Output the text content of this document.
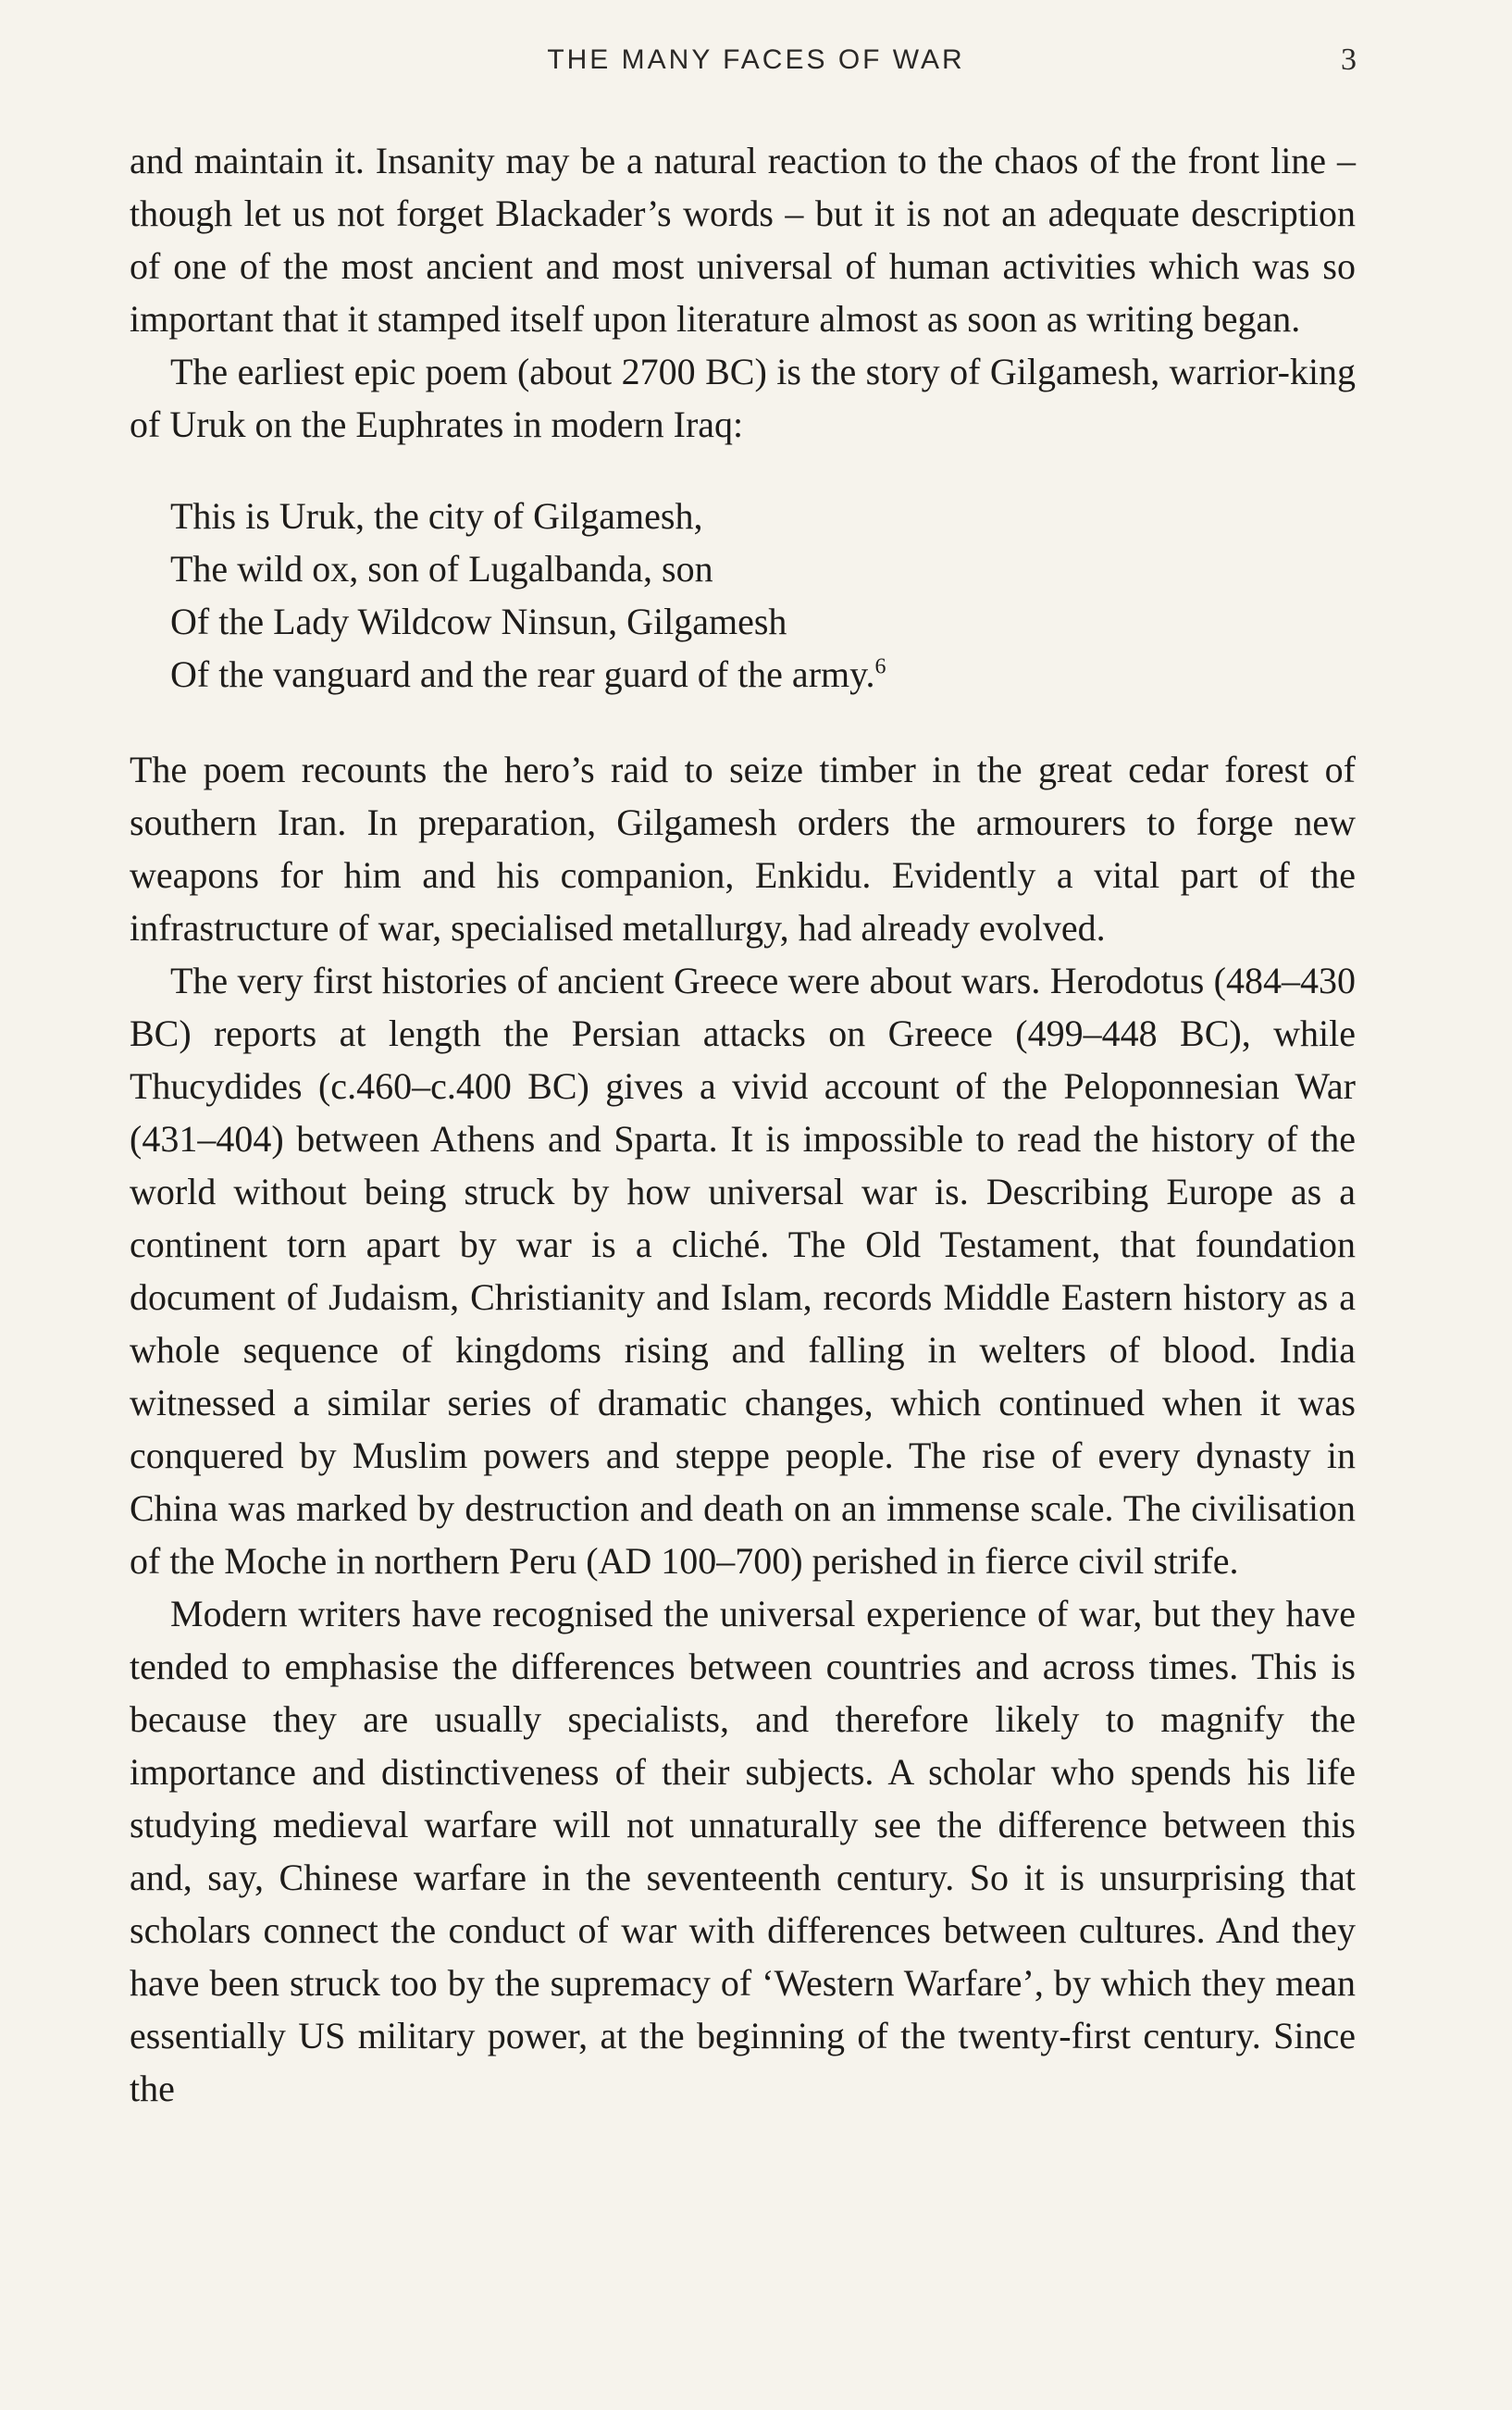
THE MANY FACES OF WAR	3

and maintain it. Insanity may be a natural reaction to the chaos of the front line – though let us not forget Blackader’s words – but it is not an adequate description of one of the most ancient and most universal of human activities which was so important that it stamped itself upon literature almost as soon as writing began.

The earliest epic poem (about 2700 BC) is the story of Gilgamesh, warrior-king of Uruk on the Euphrates in modern Iraq:

This is Uruk, the city of Gilgamesh,
The wild ox, son of Lugalbanda, son
Of the Lady Wildcow Ninsun, Gilgamesh
Of the vanguard and the rear guard of the army.$^6$

The poem recounts the hero’s raid to seize timber in the great cedar forest of southern Iran. In preparation, Gilgamesh orders the armourers to forge new weapons for him and his companion, Enkidu. Evidently a vital part of the infrastructure of war, specialised metallurgy, had already evolved.

The very first histories of ancient Greece were about wars. Herodotus (484–430 BC) reports at length the Persian attacks on Greece (499–448 BC), while Thucydides (c.460–c.400 BC) gives a vivid account of the Peloponnesian War (431–404) between Athens and Sparta. It is impossible to read the history of the world without being struck by how universal war is. Describing Europe as a continent torn apart by war is a cliché. The Old Testament, that foundation document of Judaism, Christianity and Islam, records Middle Eastern history as a whole sequence of kingdoms rising and falling in welters of blood. India witnessed a similar series of dramatic changes, which continued when it was conquered by Muslim powers and steppe people. The rise of every dynasty in China was marked by destruction and death on an immense scale. The civilisation of the Moche in northern Peru (AD 100–700) perished in fierce civil strife.

Modern writers have recognised the universal experience of war, but they have tended to emphasise the differences between countries and across times. This is because they are usually specialists, and therefore likely to magnify the importance and distinctiveness of their subjects. A scholar who spends his life studying medieval warfare will not unnaturally see the difference between this and, say, Chinese warfare in the seventeenth century. So it is unsurprising that scholars connect the conduct of war with differences between cultures. And they have been struck too by the supremacy of ‘Western Warfare’, by which they mean essentially US military power, at the beginning of the twenty-first century. Since the
